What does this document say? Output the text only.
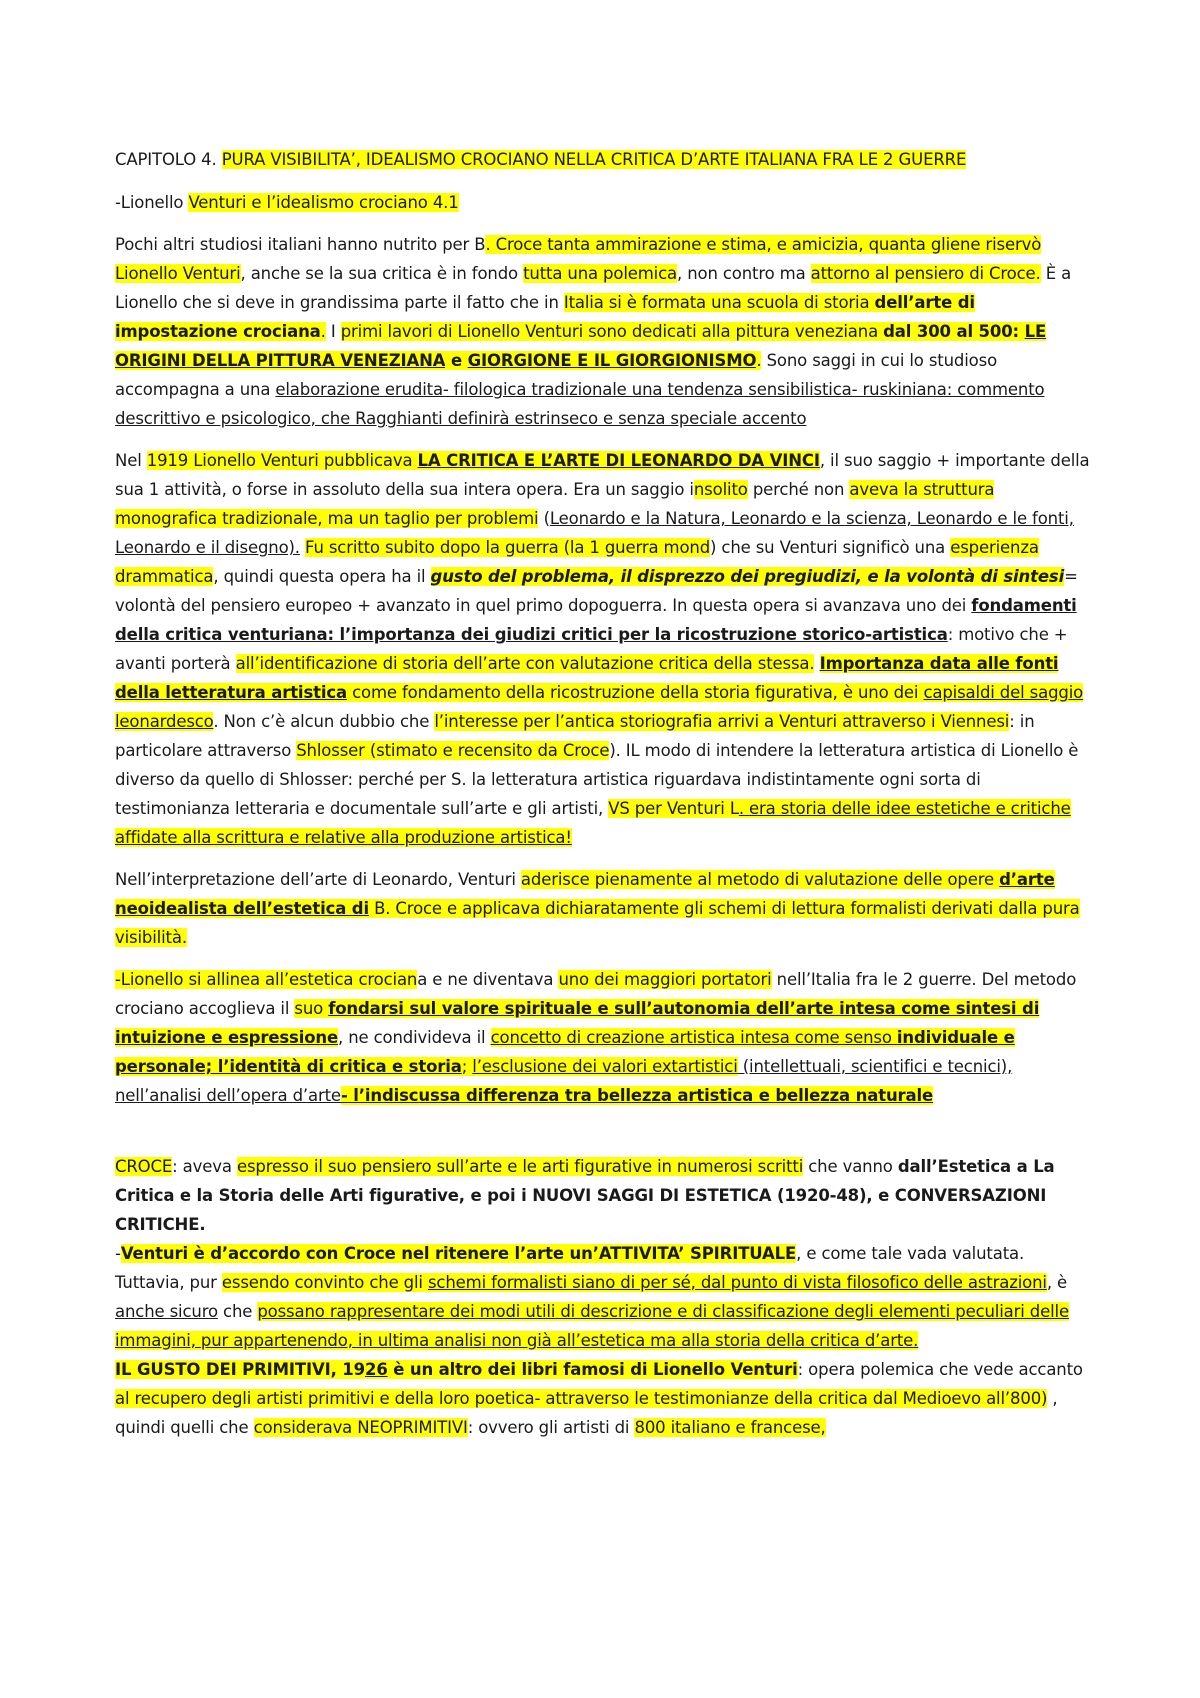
CAPITOLO 4. PURA VISIBILITA’, IDEALISMO CROCIANO NELLA CRITICA D’ARTE ITALIANA FRA LE 2 GUERRE

-Lionello Venturi e l’idealismo crociano 4.1

Pochi altri studiosi italiani hanno nutrito per B. Croce tanta ammirazione e stima, e amicizia, quanta gliene riservò Lionello Venturi, anche se la sua critica è in fondo tutta una polemica, non contro ma attorno al pensiero di Croce. È a Lionello che si deve in grandissima parte il fatto che in Italia si è formata una scuola di storia dell’arte di impostazione crociana. I primi lavori di Lionello Venturi sono dedicati alla pittura veneziana dal 300 al 500: LE ORIGINI DELLA PITTURA VENEZIANA e GIORGIONE E IL GIORGIONISMO. Sono saggi in cui lo studioso accompagna a una elaborazione erudita- filologica tradizionale una tendenza sensibilistica- ruskiniana: commento descrittivo e psicologico, che Ragghianti definirà estrinseco e senza speciale accento

Nel 1919 Lionello Venturi pubblicava LA CRITICA E L’ARTE DI LEONARDO DA VINCI, il suo saggio + importante della sua 1 attività, o forse in assoluto della sua intera opera. Era un saggio insolito perché non aveva la struttura monografica tradizionale, ma un taglio per problemi (Leonardo e la Natura, Leonardo e la scienza, Leonardo e le fonti, Leonardo e il disegno). Fu scritto subito dopo la guerra (la 1 guerra mond) che su Venturi significò una esperienza drammatica, quindi questa opera ha il gusto del problema, il disprezzo dei pregiudizi, e la volontà di sintesi= volontà del pensiero europeo + avanzato in quel primo dopoguerra. In questa opera si avanzava uno dei fondamenti della critica venturiana: l’importanza dei giudizi critici per la ricostruzione storico-artistica: motivo che + avanti porterà all’identificazione di storia dell’arte con valutazione critica della stessa. Importanza data alle fonti della letteratura artistica come fondamento della ricostruzione della storia figurativa, è uno dei capisaldi del saggio leonardesco. Non c’è alcun dubbio che l’interesse per l’antica storiografia arrivi a Venturi attraverso i Viennesi: in particolare attraverso Shlosser (stimato e recensito da Croce). IL modo di intendere la letteratura artistica di Lionello è diverso da quello di Shlosser: perché per S. la letteratura artistica riguardava indistintamente ogni sorta di testimonianza letteraria e documentale sull’arte e gli artisti, VS per Venturi L. era storia delle idee estetiche e critiche affidate alla scrittura e relative alla produzione artistica!

Nell’interpretazione dell’arte di Leonardo, Venturi aderisce pienamente al metodo di valutazione delle opere d’arte neoidealista dell’estetica di B. Croce e applicava dichiaratamente gli schemi di lettura formalisti derivati dalla pura visibilità.

-Lionello si allinea all’estetica crociana e ne diventava uno dei maggiori portatori nell’Italia fra le 2 guerre. Del metodo crociano accoglieva il suo fondarsi sul valore spirituale e sull’autonomia dell’arte intesa come sintesi di intuizione e espressione, ne condivideva il concetto di creazione artistica intesa come senso individuale e personale; l’identità di critica e storia; l’esclusione dei valori extartistici (intellettuali, scientifici e tecnici), nell’analisi dell’opera d’arte- l’indiscussa differenza tra bellezza artistica e bellezza naturale

CROCE: aveva espresso il suo pensiero sull’arte e le arti figurative in numerosi scritti che vanno dall’Estetica a La Critica e la Storia delle Arti figurative, e poi i NUOVI SAGGI DI ESTETICA (1920-48), e CONVERSAZIONI CRITICHE.

-Venturi è d’accordo con Croce nel ritenere l’arte un’ATTIVITA’ SPIRITUALE, e come tale vada valutata. Tuttavia, pur essendo convinto che gli schemi formalisti siano di per sé, dal punto di vista filosofico delle astrazioni, è anche sicuro che possano rappresentare dei modi utili di descrizione e di classificazione degli elementi peculiari delle immagini, pur appartenendo, in ultima analisi non già all’estetica ma alla storia della critica d’arte.

IL GUSTO DEI PRIMITIVI, 1926 è un altro dei libri famosi di Lionello Venturi: opera polemica che vede accanto al recupero degli artisti primitivi e della loro poetica- attraverso le testimonianze della critica dal Medioevo all’800) , quindi quelli che considerava NEOPRIMITIVI: ovvero gli artisti di 800 italiano e francese,
